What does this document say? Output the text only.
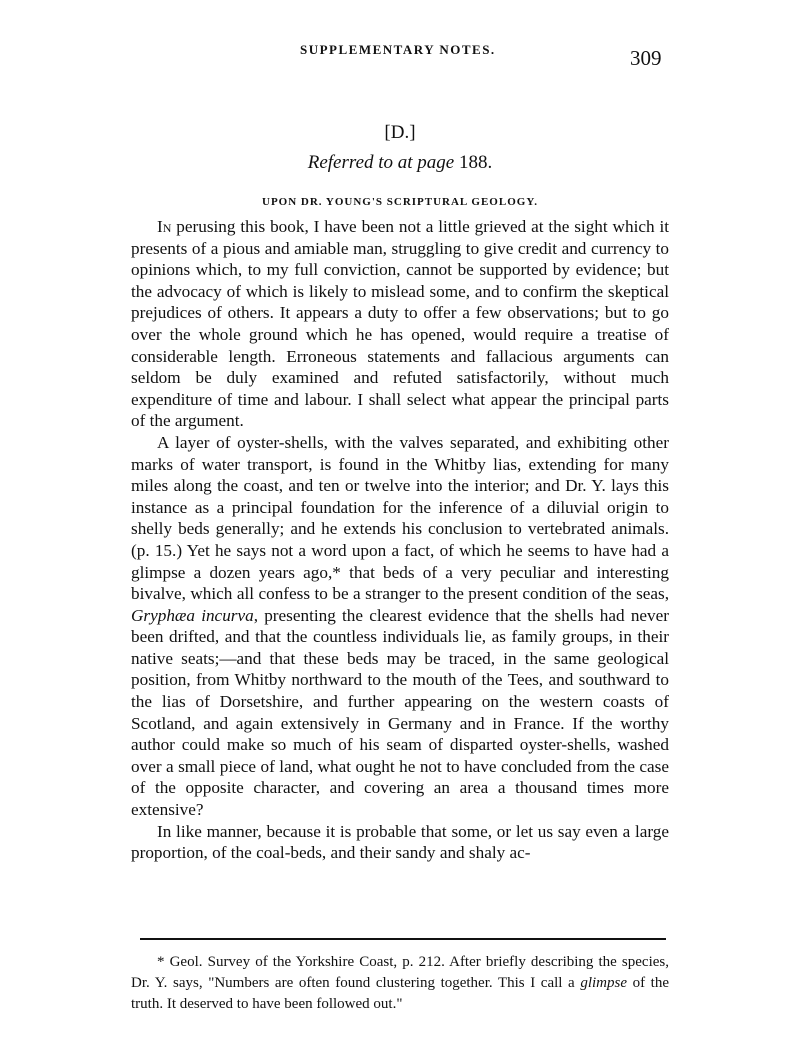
SUPPLEMENTARY NOTES.	309
[D.]
Referred to at page 188.
UPON DR. YOUNG'S SCRIPTURAL GEOLOGY.

In perusing this book, I have been not a little grieved at the sight which it presents of a pious and amiable man, struggling to give credit and currency to opinions which, to my full conviction, cannot be supported by evidence; but the advocacy of which is likely to mislead some, and to confirm the skeptical prejudices of others. It appears a duty to offer a few observations; but to go over the whole ground which he has opened, would require a treatise of considerable length. Erroneous statements and fallacious arguments can seldom be duly examined and refuted satisfactorily, without much expenditure of time and labour. I shall select what appear the principal parts of the argument.

A layer of oyster-shells, with the valves separated, and exhibiting other marks of water transport, is found in the Whitby lias, extending for many miles along the coast, and ten or twelve into the interior; and Dr. Y. lays this instance as a principal foundation for the inference of a diluvial origin to shelly beds generally; and he extends his conclusion to vertebrated animals. (p. 15.) Yet he says not a word upon a fact, of which he seems to have had a glimpse a dozen years ago,* that beds of a very peculiar and interesting bivalve, which all confess to be a stranger to the present condition of the seas, Gryphæa incurva, presenting the clearest evidence that the shells had never been drifted, and that the countless individuals lie, as family groups, in their native seats;—and that these beds may be traced, in the same geological position, from Whitby northward to the mouth of the Tees, and southward to the lias of Dorsetshire, and further appearing on the western coasts of Scotland, and again extensively in Germany and in France. If the worthy author could make so much of his seam of disparted oyster-shells, washed over a small piece of land, what ought he not to have concluded from the case of the opposite character, and covering an area a thousand times more extensive?

In like manner, because it is probable that some, or let us say even a large proportion, of the coal-beds, and their sandy and shaly ac-

* Geol. Survey of the Yorkshire Coast, p. 212. After briefly describing the species, Dr. Y. says, "Numbers are often found clustering together. This I call a glimpse of the truth. It deserved to have been followed out."
